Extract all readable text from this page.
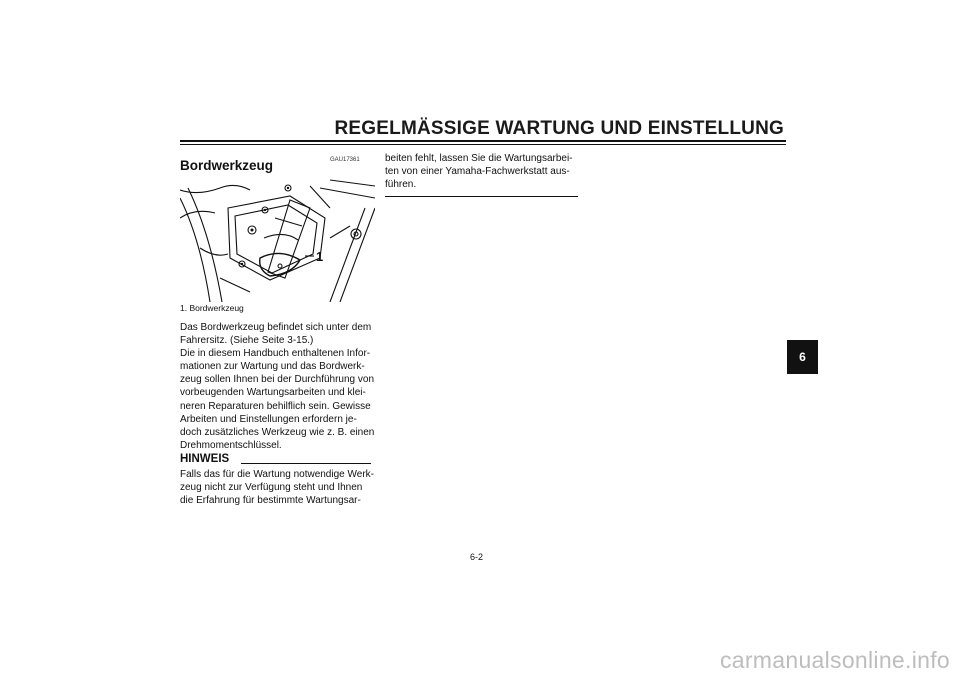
REGELMÄSSIGE WARTUNG UND EINSTELLUNG
Bordwerkzeug	GAU17361
1
1. Bordwerkzeug

Das Bordwerkzeug befindet sich unter dem

Fahrersitz. (Siehe Seite 3-15.)

Die in diesem Handbuch enthaltenen Infor-

mationen zur Wartung und das Bordwerk-

zeug sollen Ihnen bei der Durchführung von

vorbeugenden Wartungsarbeiten und klei-

neren Reparaturen behilflich sein. Gewisse

Arbeiten und Einstellungen erfordern je-

doch zusätzliches Werkzeug wie z. B. einen

Drehmomentschlüssel.

HINWEIS
Falls das für die Wartung notwendige Werk-
zeug nicht zur Verfügung steht und Ihnen
die Erfahrung für bestimmte Wartungsar-
beiten fehlt, lassen Sie die Wartungsarbei-
ten von einer Yamaha-Fachwerkstatt aus-
führen.
6-2
6
carmanualsonline.info
